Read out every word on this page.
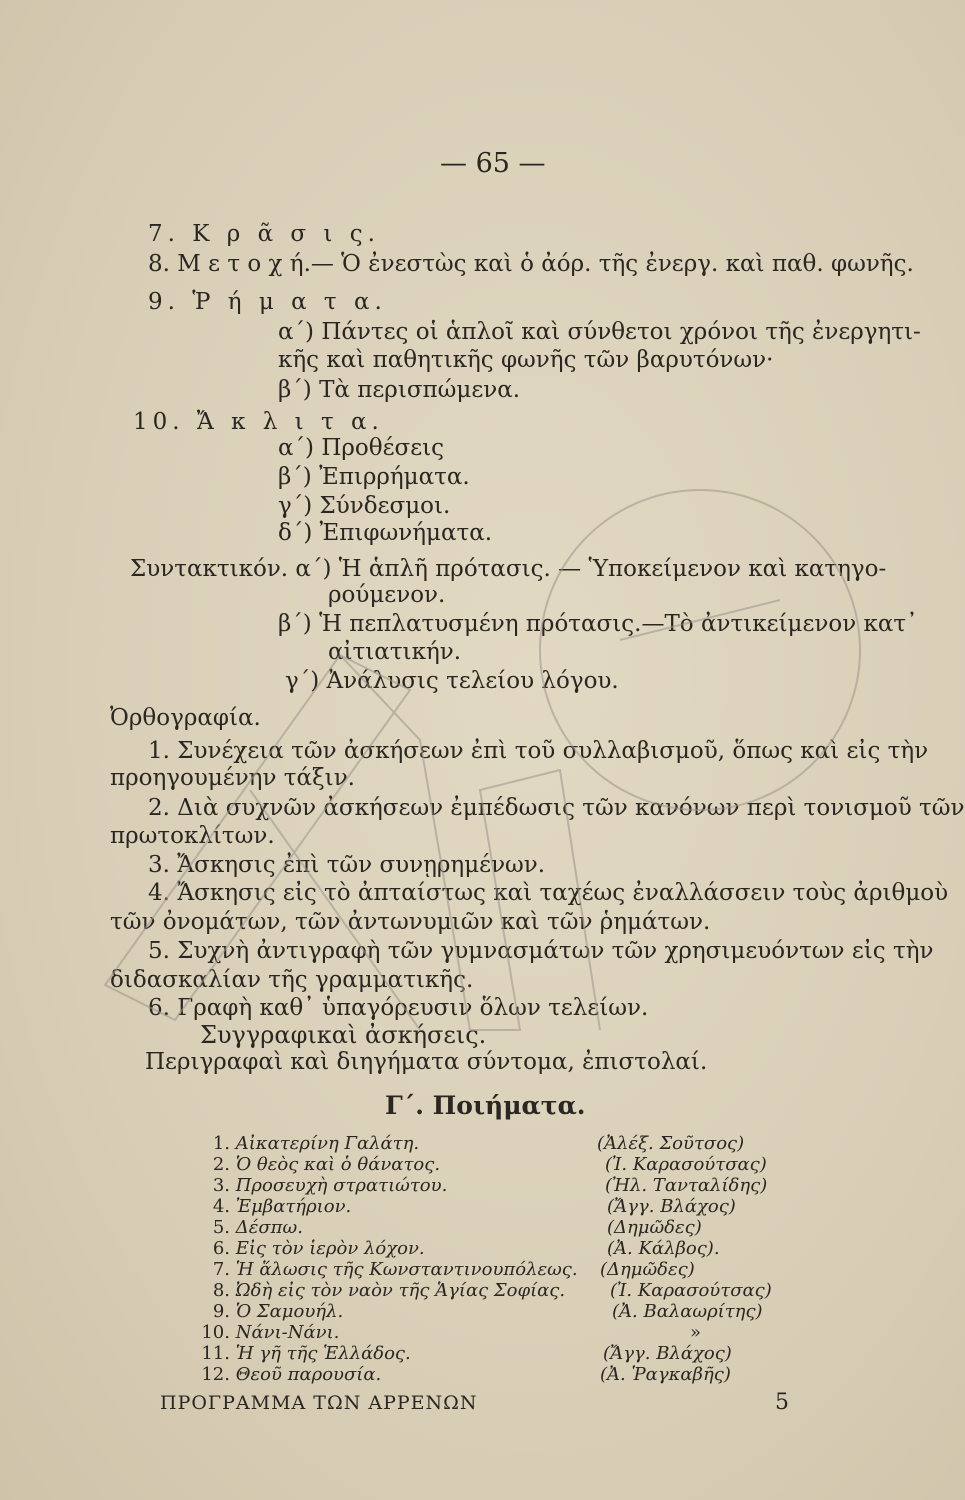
— 65 —
7. Κ ρ ᾶ σ ι ς.
8. Μ ε τ ο χ ή.— Ὁ ἐνεστὼς καὶ ὁ ἀόρ. τῆς ἐνεργ. καὶ παθ. φωνῆς.
9. Ῥ ή μ α τ α.
α΄) Πάντες οἱ ἁπλοῖ καὶ σύνθετοι χρόνοι τῆς ἐνεργητι-
κῆς καὶ παθητικῆς φωνῆς τῶν βαρυτόνων·
β΄) Τὰ περισπώμενα.
10. Ἄ κ λ ι τ α.
α΄) Προθέσεις
β΄) Ἐπιρρήματα.
γ΄) Σύνδεσμοι.
δ΄) Ἐπιφωνήματα.
Συντακτικόν. α΄) Ἡ ἁπλῆ πρότασις. — Ὑποκείμενον καὶ κατηγο-
ρούμενον.
β΄) Ἡ πεπλατυσμένη πρότασις.—Τὸ ἀντικείμενον κατ᾿
αἰτιατικήν.
γ΄) Ἀνάλυσις τελείου λόγου.
Ὀρθογραφία.
1. Συνέχεια τῶν ἀσκήσεων ἐπὶ τοῦ συλλαβισμοῦ, ὅπως καὶ εἰς τὴν
προηγουμένην τάξιν.
2. Διὰ συχνῶν ἀσκήσεων ἐμπέδωσις τῶν κανόνων περὶ τονισμοῦ τῶν
πρωτοκλίτων.
3. Ἄσκησις ἐπὶ τῶν συνῃρημένων.
4. Ἄσκησις εἰς τὸ ἀπταίστως καὶ ταχέως ἐναλλάσσειν τοὺς ἀριθμοὺ
τῶν ὀνομάτων, τῶν ἀντωνυμιῶν καὶ τῶν ῥημάτων.
5. Συχνὴ ἀντιγραφὴ τῶν γυμνασμάτων τῶν χρησιμευόντων εἰς τὴν
διδασκαλίαν τῆς γραμματικῆς.
6. Γραφὴ καθ᾿ ὑπαγόρευσιν ὅλων τελείων.
Συγγραφικαὶ ἀσκήσεις.
Περιγραφαὶ καὶ διηγήματα σύντομα, ἐπιστολαί.
Γ΄. Ποιήματα.
1. Αἰκατερίνη Γαλάτη.	(Ἀλέξ. Σοῦτσος)
2. Ὁ θεὸς καὶ ὁ θάνατος.	(Ἰ. Καρασούτσας)
3. Προσευχὴ στρατιώτου.	(Ἠλ. Τανταλίδης)
4. Ἐμβατήριον.	(Ἄγγ. Βλάχος)
5. Δέσπω.	(Δημῶδες)
6. Εἰς τὸν ἱερὸν λόχον.	(Ἀ. Κάλβος).
7. Ἡ ἅλωσις τῆς Κωνσταντινουπόλεως.	(Δημῶδες)
8. Ὠδὴ εἰς τὸν ναὸν τῆς Ἁγίας Σοφίας.	(Ἰ. Καρασούτσας)
9. Ὁ Σαμουήλ.	(Ἀ. Βαλαωρίτης)
10. Νάνι-Νάνι.	»
11. Ἡ γῆ τῆς Ἑλλάδος.	(Ἄγγ. Βλάχος)
12. Θεοῦ παρουσία.	(Ἀ. Ῥαγκαβῆς)
ΠΡΟΓΡΑΜΜΑ ΤΩΝ ΑΡΡΕΝΩΝ	5
